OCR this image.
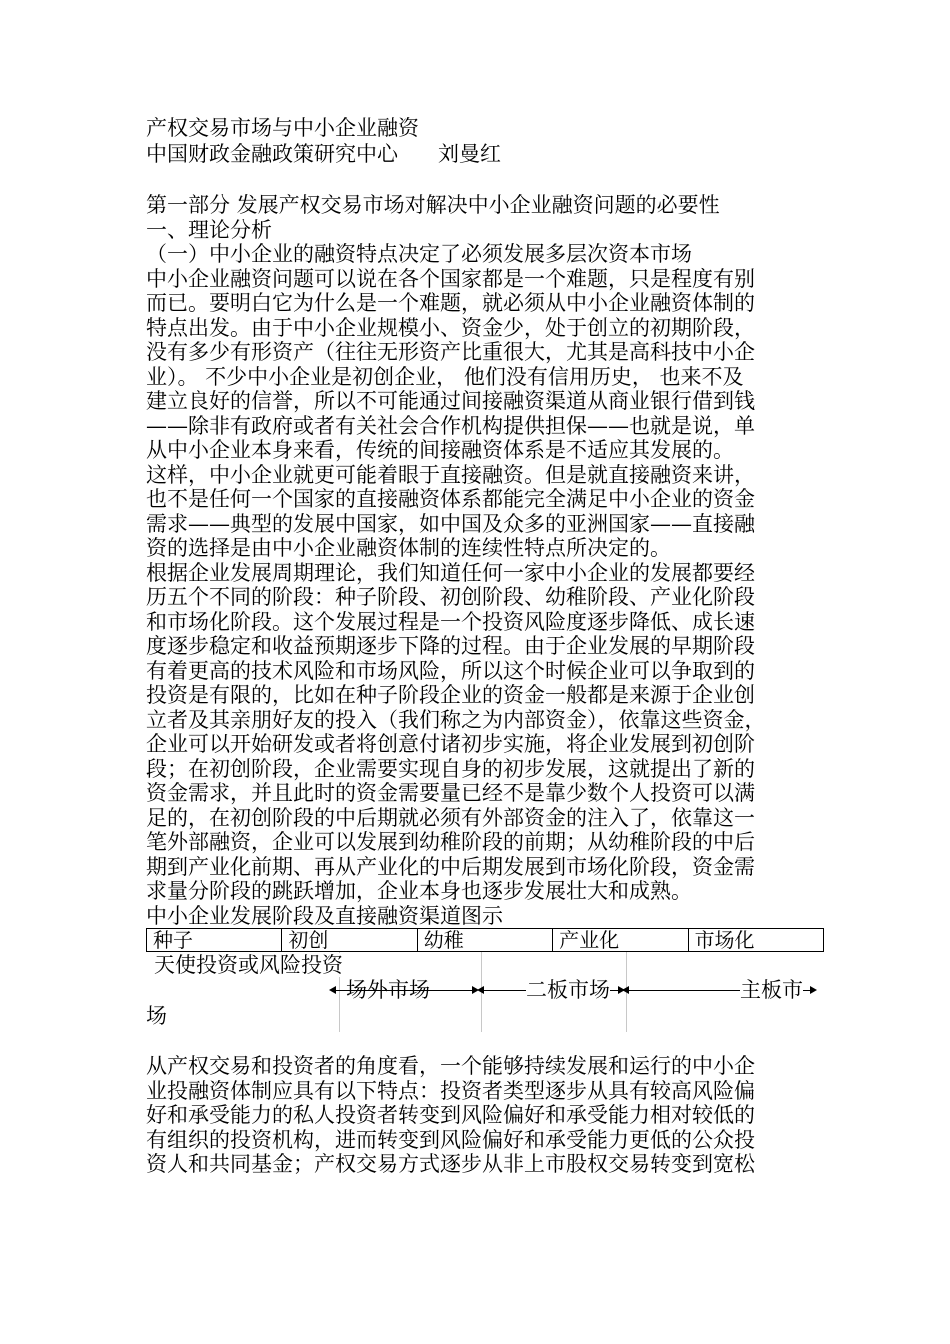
产权交易市场与中小企业融资

中国财政金融政策研究中心 刘曼红

第一部分 发展产权交易市场对解决中小企业融资问题的必要性

一、理论分析

（一）中小企业的融资特点决定了必须发展多层次资本市场

中小企业融资问题可以说在各个国家都是一个难题，只是程度有别

而已。要明白它为什么是一个难题，就必须从中小企业融资体制的

特点出发。由于中小企业规模小、资金少，处于创立的初期阶段，

没有多少有形资产（往往无形资产比重很大，尤其是高科技中小企

业）。 不少中小企业是初创企业， 他们没有信用历史， 也来不及

建立良好的信誉，所以不可能通过间接融资渠道从商业银行借到钱

——除非有政府或者有关社会合作机构提供担保——也就是说，单

从中小企业本身来看，传统的间接融资体系是不适应其发展的。

这样，中小企业就更可能着眼于直接融资。但是就直接融资来讲，

也不是任何一个国家的直接融资体系都能完全满足中小企业的资金

需求——典型的发展中国家，如中国及众多的亚洲国家——直接融

资的选择是由中小企业融资体制的连续性特点所决定的。

根据企业发展周期理论，我们知道任何一家中小企业的发展都要经

历五个不同的阶段：种子阶段、初创阶段、幼稚阶段、产业化阶段

和市场化阶段。这个发展过程是一个投资风险度逐步降低、成长速

度逐步稳定和收益预期逐步下降的过程。由于企业发展的早期阶段

有着更高的技术风险和市场风险，所以这个时候企业可以争取到的

投资是有限的，比如在种子阶段企业的资金一般都是来源于企业创

立者及其亲朋好友的投入（我们称之为内部资金），依靠这些资金，

企业可以开始研发或者将创意付诸初步实施，将企业发展到初创阶

段；在初创阶段，企业需要实现自身的初步发展，这就提出了新的

资金需求，并且此时的资金需要量已经不是靠少数个人投资可以满

足的，在初创阶段的中后期就必须有外部资金的注入了，依靠这一

笔外部融资，企业可以发展到幼稚阶段的前期；从幼稚阶段的中后

期到产业化前期、再从产业化的中后期发展到市场化阶段，资金需

求量分阶段的跳跃增加，企业本身也逐步发展壮大和成熟。

中小企业发展阶段及直接融资渠道图示

种子	初创	幼稚	产业化	市场化
天使投资或风险投资
场外市场	二板市场	主板市
场

从产权交易和投资者的角度看，一个能够持续发展和运行的中小企

业投融资体制应具有以下特点：投资者类型逐步从具有较高风险偏

好和承受能力的私人投资者转变到风险偏好和承受能力相对较低的

有组织的投资机构，进而转变到风险偏好和承受能力更低的公众投

资人和共同基金；产权交易方式逐步从非上市股权交易转变到宽松
